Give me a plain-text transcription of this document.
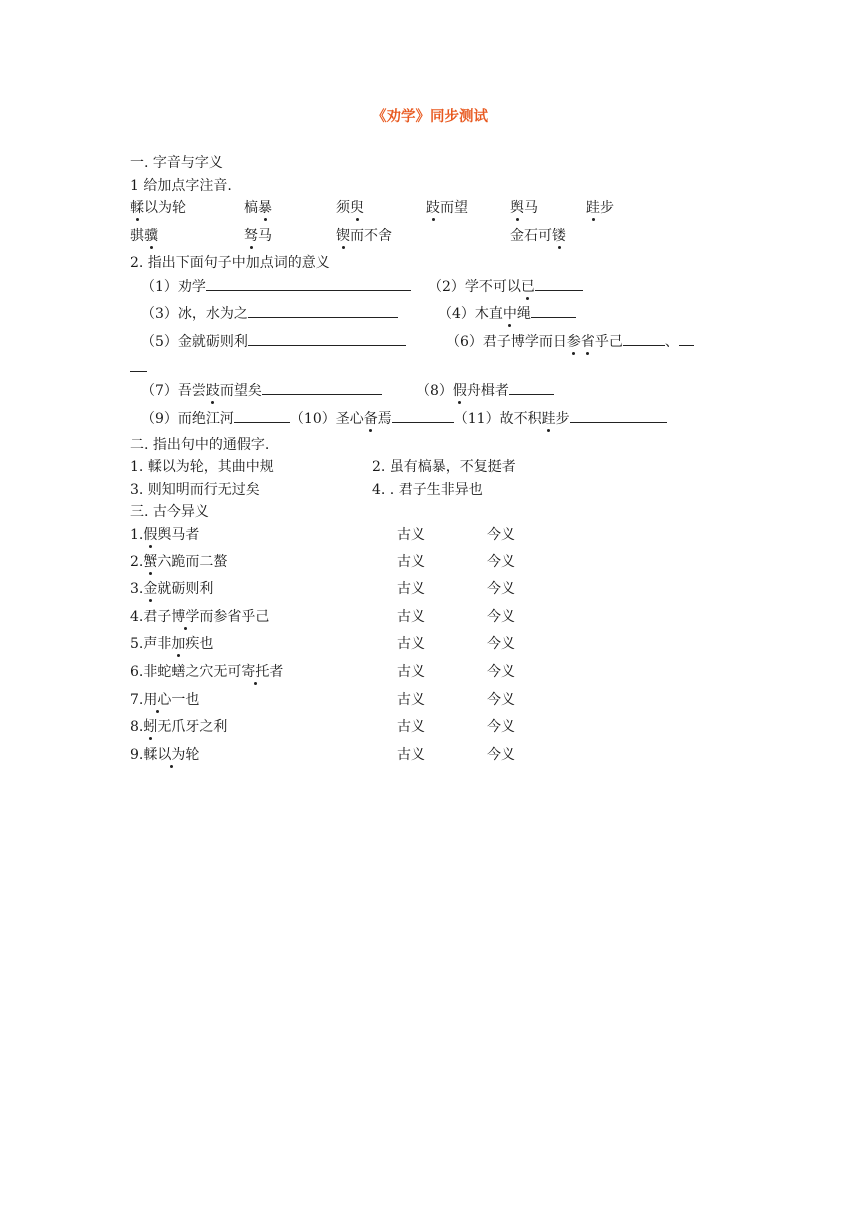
《劝学》同步测试
一. 字音与字义
1 给加点字注音.
輮以为轮	槁暴	须臾	跂而望	舆马	跬步
骐骥	驽马	锲而不舍	金石可镂
2. 指出下面句子中加点词的意义
（1）劝学	（2）学不可以已
（3）冰，水为之	（4）木直中绳
（5）金就砺则利	（6）君子博学而日参省乎己	、
（7）吾尝跂而望矣	（8）假舟楫者
（9）而绝江河	（10）圣心备焉	（11）故不积跬步
二. 指出句中的通假字.
1. 輮以为轮，其曲中规	2. 虽有槁暴，不复挺者
3. 则知明而行无过矣	4. . 君子生非异也
三. 古今异义
1.假舆马者	古义	今义
2.蟹六跪而二螯	古义	今义
3.金就砺则利	古义	今义
4.君子博学而参省乎己	古义	今义
5.声非加疾也	古义	今义
6.非蛇蟮之穴无可寄托者	古义	今义
7.用心一也	古义	今义
8.蚓无爪牙之利	古义	今义
9.輮以为轮	古义	今义
